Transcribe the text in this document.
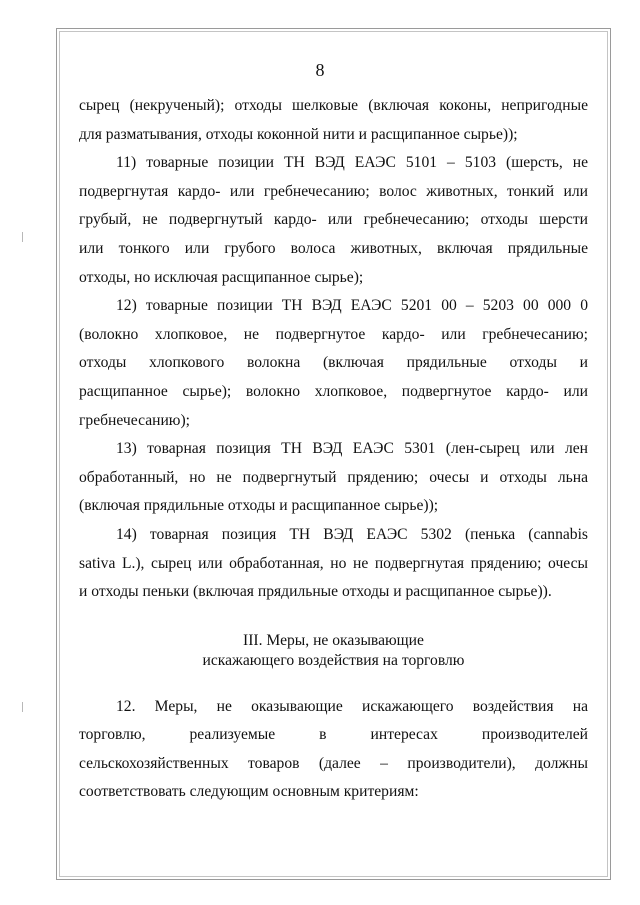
8

сырец (некрученый); отходы шелковые (включая коконы, непригодные
для разматывания, отходы коконной нити и расщипанное сырье));

11) товарные позиции ТН ВЭД ЕАЭС 5101 – 5103 (шерсть, не
подвергнутая кардо- или гребнечесанию; волос животных, тонкий или
грубый, не подвергнутый кардо- или гребнечесанию; отходы шерсти
или тонкого или грубого волоса животных, включая прядильные
отходы, но исключая расщипанное сырье);

12) товарные позиции ТН ВЭД ЕАЭС 5201 00 – 5203 00 000 0
(волокно хлопковое, не подвергнутое кардо- или гребнечесанию;
отходы хлопкового волокна (включая прядильные отходы и
расщипанное сырье); волокно хлопковое, подвергнутое кардо- или
гребнечесанию);

13) товарная позиция ТН ВЭД ЕАЭС 5301 (лен-сырец или лен
обработанный, но не подвергнутый прядению; очесы и отходы льна
(включая прядильные отходы и расщипанное сырье));

14) товарная позиция ТН ВЭД ЕАЭС 5302 (пенька (cannabis
sativa L.), сырец или обработанная, но не подвергнутая прядению; очесы
и отходы пеньки (включая прядильные отходы и расщипанное сырье)).

III. Меры, не оказывающие
искажающего воздействия на торговлю

12. Меры, не оказывающие искажающего воздействия на
торговлю, реализуемые в интересах производителей
сельскохозяйственных товаров (далее – производители), должны
соответствовать следующим основным критериям:
